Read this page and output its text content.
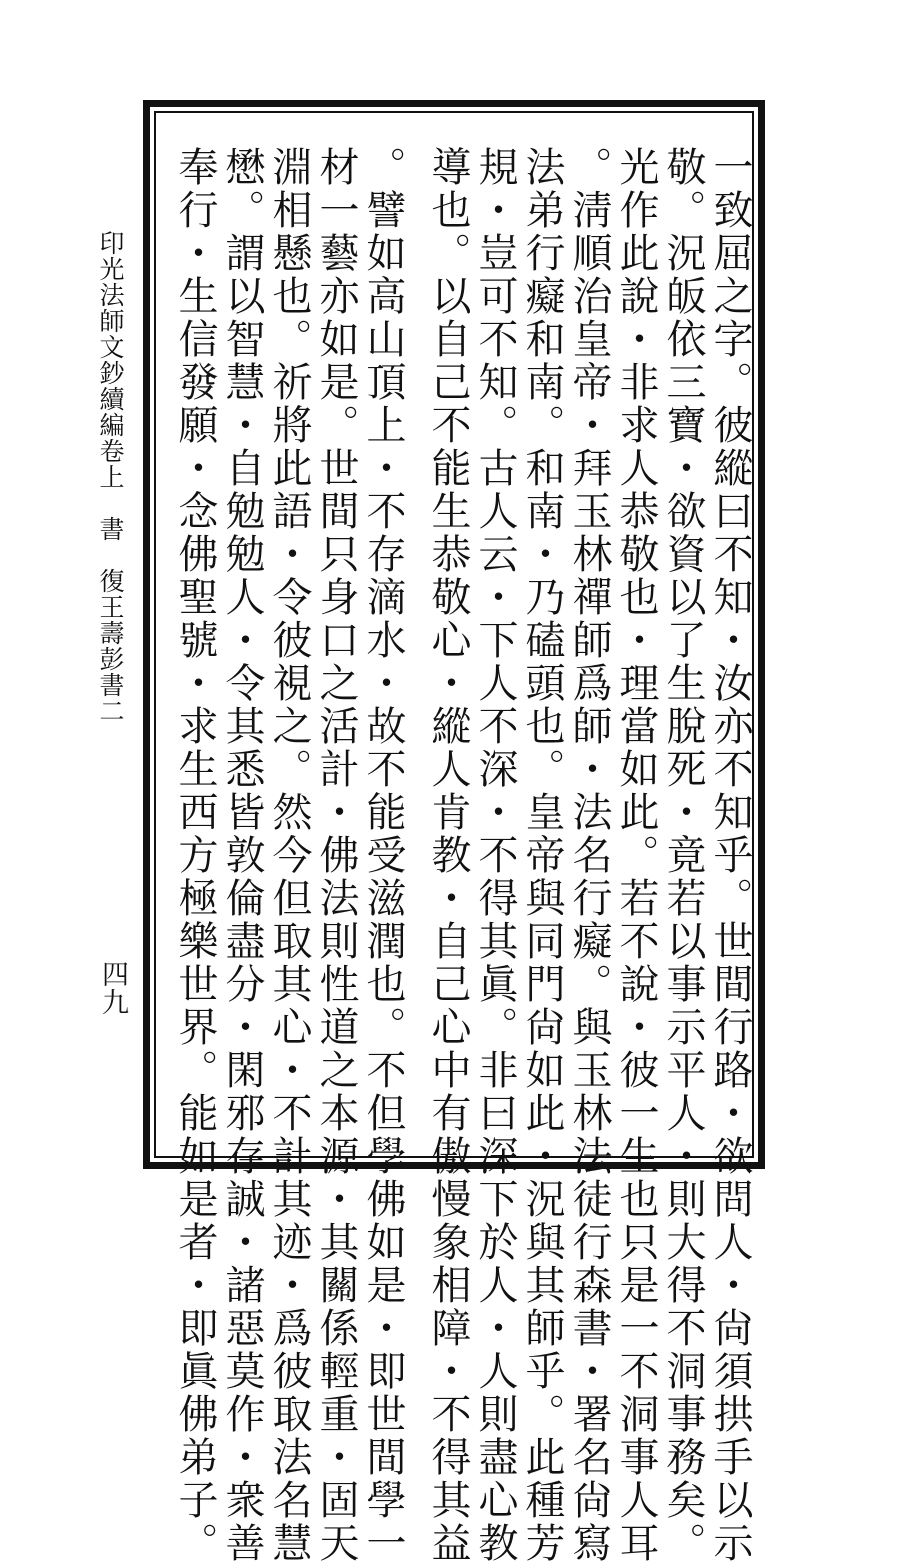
印光法師文鈔續編卷上　書　復王壽彭書二
四九	一致屈之字。彼縱曰不知・汝亦不知乎。世間行路・欲問人・尙須拱手以示
敬。況皈依三寶・欲資以了生脫死・竟若以事示平人・則大得不洞事務矣。
光作此說・非求人恭敬也・理當如此。若不說・彼一生也只是一不洞事人耳
。淸順治皇帝・拜玉林禪師爲師・法名行癡。與玉林法徒行森書・署名尙寫
法弟行癡和南。和南・乃磕頭也。皇帝與同門尙如此・況與其師乎。此種芳
規・豈可不知。古人云・下人不深・不得其眞。非曰深下於人・人則盡心教
導也。以自己不能生恭敬心・縱人肯教・自己心中有傲慢象相障・不得其益
。譬如高山頂上・不存滴水・故不能受滋潤也。不但學佛如是・即世間學一
材一藝亦如是。世間只身口之活計・佛法則性道之本源・其關係輕重・固天
淵相懸也。祈將此語・令彼視之。然今但取其心・不計其迹・爲彼取法名慧
懋。謂以智慧・自勉勉人・令其悉皆敦倫盡分・閑邪存誠・諸惡莫作・衆善
奉行・生信發願・念佛聖號・求生西方極樂世界。能如是者・即眞佛弟子。
